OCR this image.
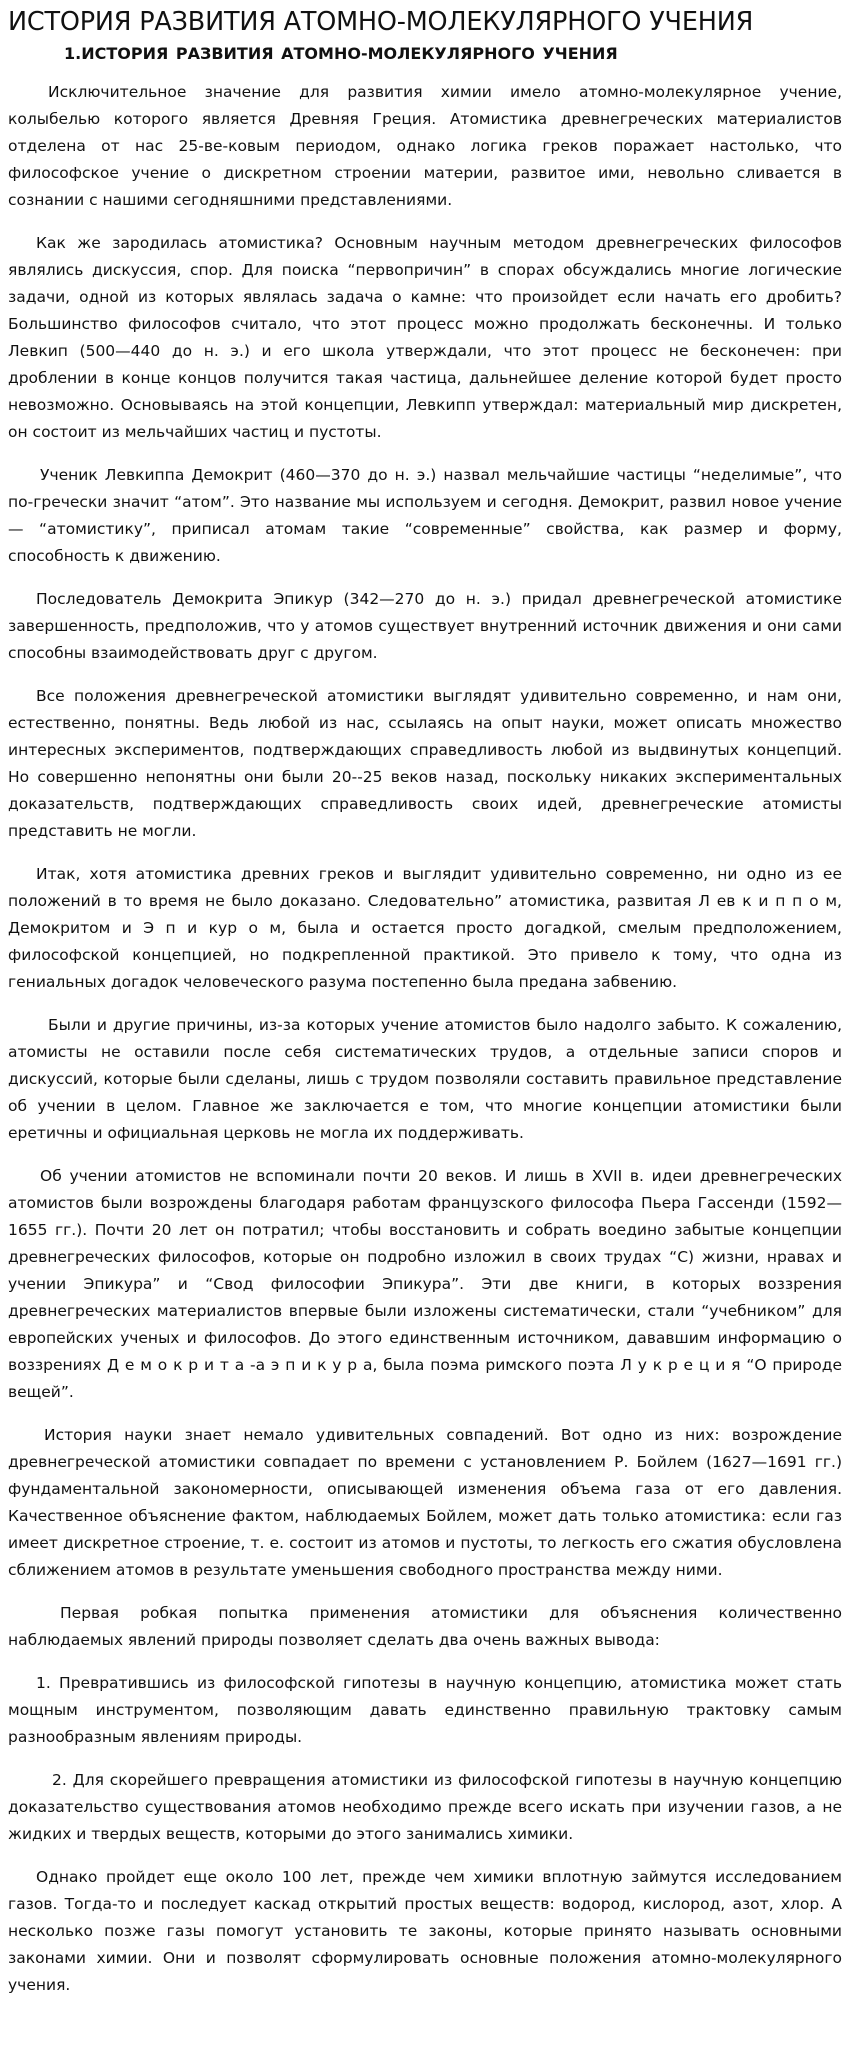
ИСТОРИЯ РАЗВИТИЯ АТОМНО-МОЛЕКУЛЯРНОГО УЧЕНИЯ
1.ИСТОРИЯ РАЗВИТИЯ АТОМНО-МОЛЕКУЛЯРНОГО УЧЕНИЯ

Исключительное значение для развития химии имело атомно-молекулярное учение, колыбелью которого является Древняя Греция. Атомистика древнегреческих материалистов отделена от нас 25-ве-ковым периодом, однако логика греков поражает настолько, что философское учение о дискретном строении материи, развитое ими, невольно сливается в сознании с нашими сегодняшними представлениями.

Как же зародилась атомистика? Основным научным методом древнегреческих философов являлись дискуссия, спор. Для поиска “первопричин” в спорах обсуждались многие логические задачи, одной из которых являлась задача о камне: что произойдет если начать его дробить? Большинство философов считало, что этот процесс можно продолжать бесконечны. И только Левкип (500—440 до н. э.) и его школа утверждали, что этот процесс не бесконечен: при дроблении в конце концов получится такая частица, дальнейшее деление которой будет просто невозможно. Основываясь на этой концепции, Левкипп утверждал: материальный мир дискретен, он состоит из мельчайших частиц и пустоты.

Ученик Левкиппа Демокрит (460—370 до н. э.) назвал мельчайшие частицы “неделимые”, что по-гречески значит “атом”. Это название мы используем и сегодня. Демокрит, развил новое учение — “атомистику”, приписал атомам такие “современные” свойства, как размер и форму, способность к движению.

Последователь Демокрита Эпикур (342—270 до н. э.) придал древнегреческой атомистике завершенность, предположив, что у атомов существует внутренний источник движения и они сами способны взаимодействовать друг с другом.

Все положения древнегреческой атомистики выглядят удивительно современно, и нам они, естественно, понятны. Ведь любой из нас, ссылаясь на опыт науки, может описать множество интересных экспериментов, подтверждающих справедливость любой из выдвинутых концепций. Но совершенно непонятны они были 20--25 веков назад, поскольку никаких экспериментальных доказательств, подтверждающих справедливость своих идей, древнегреческие атомисты представить не могли.

Итак, хотя атомистика древних греков и выглядит удивительно современно, ни одно из ее положений в то время не было доказано. Следовательно” атомистика, развитая Л ев к и п п о м, Демокритом и Э п и кур о м, была и остается просто догадкой, смелым предположением, философской концепцией, но подкрепленной практикой. Это привело к тому, что одна из гениальных догадок человеческого разума постепенно была предана забвению.

Были и другие причины, из-за которых учение атомистов было надолго забыто. К сожалению, атомисты не оставили после себя систематических трудов, а отдельные записи споров и дискуссий, которые были сделаны, лишь с трудом позволяли составить правильное представление об учении в целом. Главное же заключается е том, что многие концепции атомистики были еретичны и официальная церковь не могла их поддерживать.

Об учении атомистов не вспоминали почти 20 веков. И лишь в XVII в. идеи древнегреческих атомистов были возрождены благодаря работам французского философа Пьера Гассенди (1592—1655 гг.). Почти 20 лет он потратил; чтобы восстановить и собрать воедино забытые концепции древнегреческих философов, которые он подробно изложил в своих трудах “С) жизни, нравах и учении Эпикура” и “Свод философии Эпикура”. Эти две книги, в которых воззрения древнегреческих материалистов впервые были изложены систематически, стали “учебником” для европейских ученых и философов. До этого единственным источником, дававшим информацию о воззрениях Д е м о к р и т а -а э п и к у р а, была поэма римского поэта Л у к р е ц и я “О природе вещей”.

История науки знает немало удивительных совпадений. Вот одно из них: возрождение древнегреческой атомистики совпадает по времени с установлением Р. Бойлем (1627—1691 гг.) фундаментальной закономерности, описывающей изменения объема газа от его давления. Качественное объяснение фактом, наблюдаемых Бойлем, может дать только атомистика: если газ имеет дискретное строение, т. е. состоит из атомов и пустоты, то легкость его сжатия обусловлена сближением атомов в результате уменьшения свободного пространства между ними.

Первая робкая попытка применения атомистики для объяснения количественно наблюдаемых явлений природы позволяет сделать два очень важных вывода:

1. Превратившись из философской гипотезы в научную концепцию, атомистика может стать мощным инструментом, позволяющим давать единственно правильную трактовку самым разнообразным явлениям природы.

2. Для скорейшего превращения атомистики из философской гипотезы в научную концепцию доказательство существования атомов необходимо прежде всего искать при изучении газов, а не жидких и твердых веществ, которыми до этого занимались химики.

Однако пройдет еще около 100 лет, прежде чем химики вплотную займутся исследованием газов. Тогда-то и последует каскад открытий простых веществ: водород, кислород, азот, хлор. А несколько позже газы помогут установить те законы, которые принято называть основными законами химии. Они и позволят сформулировать основные положения атомно-молекулярного учения.
